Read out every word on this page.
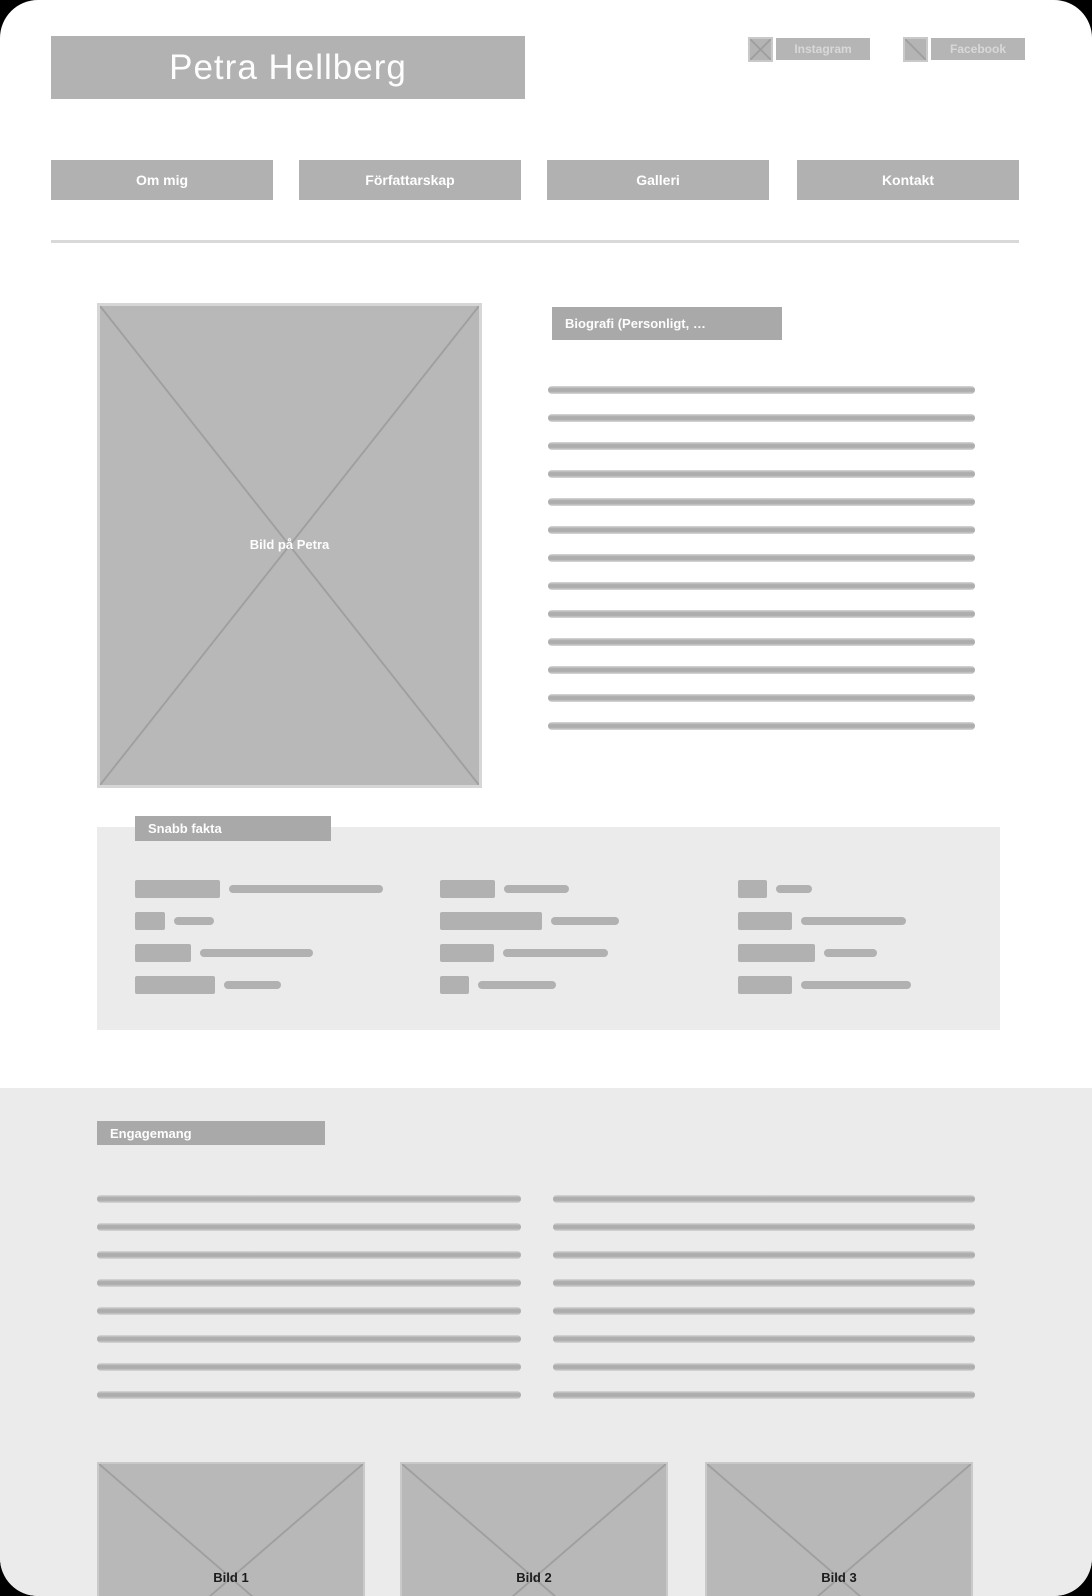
Petra Hellberg	Instagram	Facebook
Om mig	Författarskap	Galleri	Kontakt
Bild på Petra
Biografi (Personligt, …
Snabb fakta
Bild 1	Bild 2	Bild 3
Engagemang
